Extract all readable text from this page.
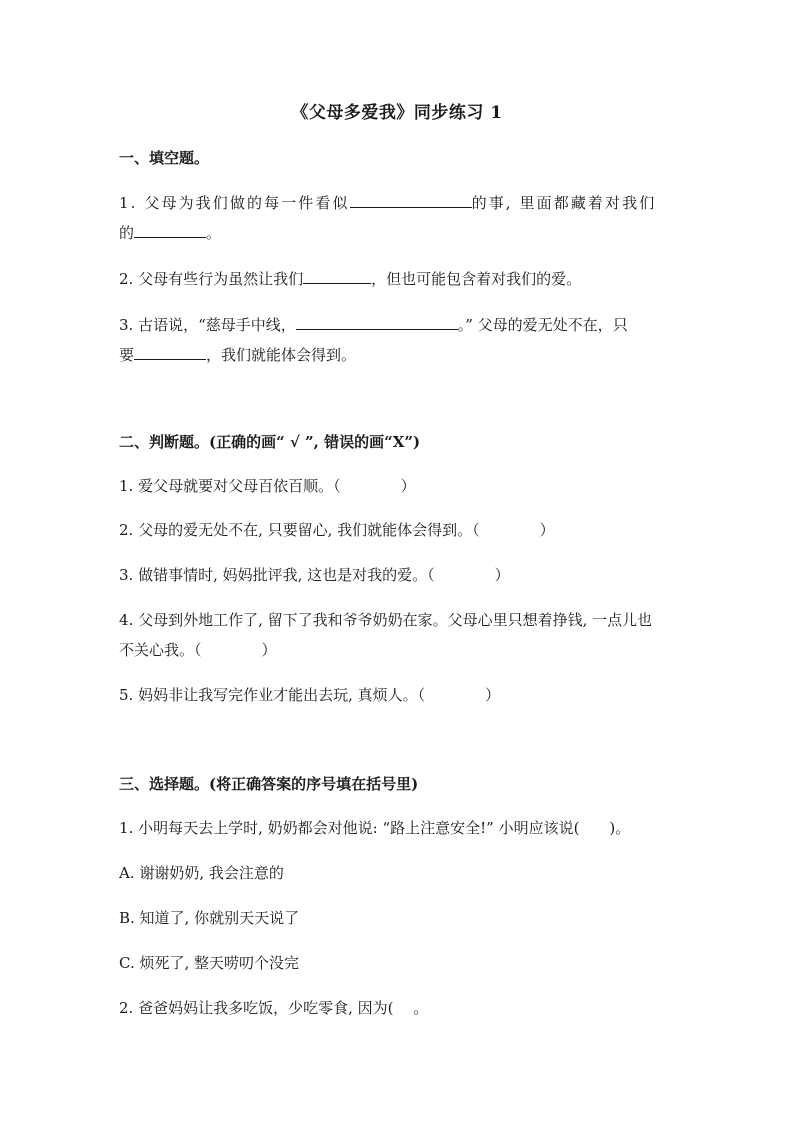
《父母多爱我》同步练习 1
一、填空题。
1. 父母为我们做的每一件看似	的事, 里面都藏着对我们
的	。
2. 父母有些行为虽然让我们	，但也可能包含着对我们的爱。
3. 古语说，“慈母手中线，	。” 父母的爱无处不在，只
要	，我们就能体会得到。
二、判断题。(正确的画“ √ ”, 错误的画“X”)
1. 爱父母就要对父母百依百顺。（　　　　）
2. 父母的爱无处不在, 只要留心, 我们就能体会得到。（　　　　）
3. 做错事情时, 妈妈批评我, 这也是对我的爱。（　　　　）
4. 父母到外地工作了, 留下了我和爷爷奶奶在家。父母心里只想着挣钱, 一点儿也
不关心我。（　　　　）
5. 妈妈非让我写完作业才能出去玩, 真烦人。（　　　　）
三、选择题。(将正确答案的序号填在括号里)
1. 小明每天去上学时, 奶奶都会对他说: “路上注意安全!” 小明应该说(　　)。
A. 谢谢奶奶, 我会注意的
B. 知道了, 你就别天天说了
C. 烦死了, 整天唠叨个没完
2. 爸爸妈妈让我多吃饭，少吃零食, 因为(　 。
